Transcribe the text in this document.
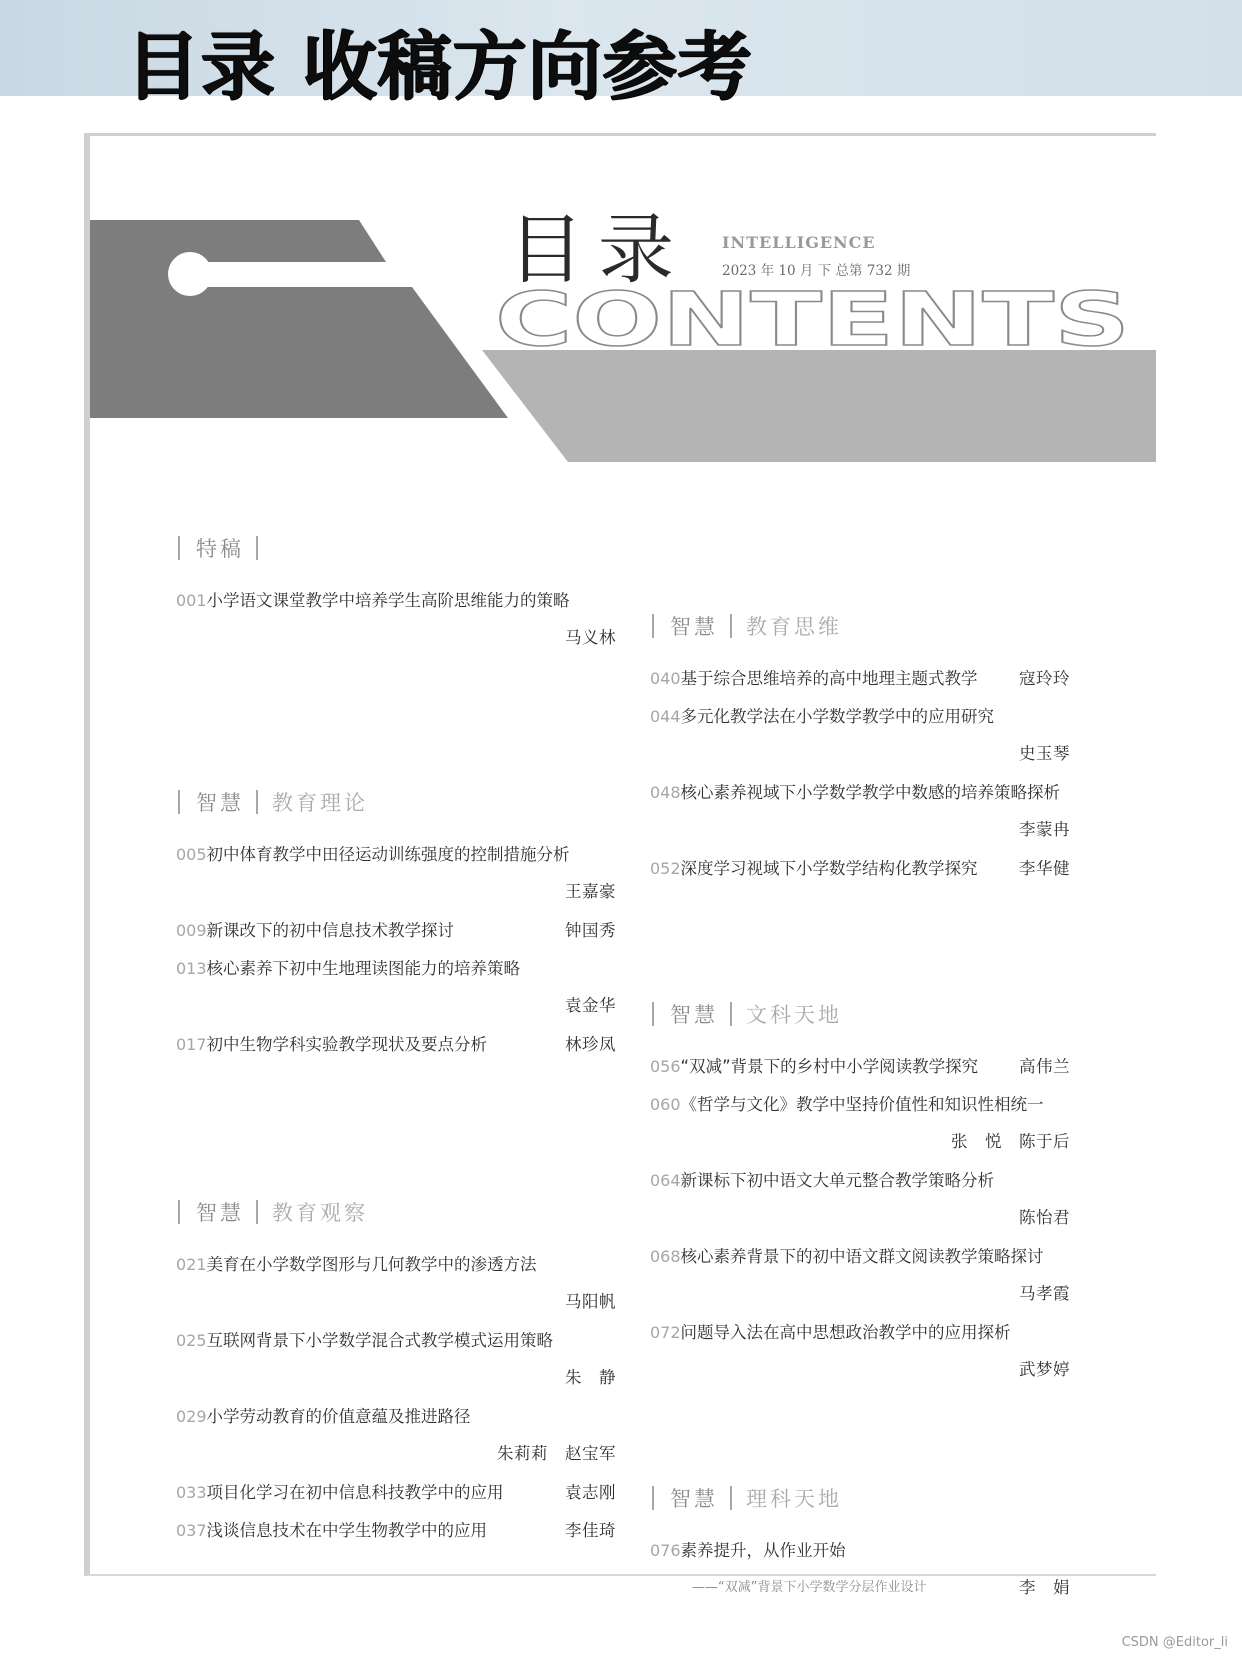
目录 收稿方向参考
CONTENTS
目录 INTELLIGENCE
2023 年 10 月 下 总第 732 期
特稿
001 小学语文课堂教学中培养学生高阶思维能力的策略
马义林
智慧 教育理论
005 初中体育教学中田径运动训练强度的控制措施分析
王嘉豪
009 新课改下的初中信息技术教学探讨	钟国秀
013 核心素养下初中生地理读图能力的培养策略
袁金华
017 初中生物学科实验教学现状及要点分析	林珍凤
智慧 教育观察
021 美育在小学数学图形与几何教学中的渗透方法
马阳帆
025 互联网背景下小学数学混合式教学模式运用策略
朱　静
029 小学劳动教育的价值意蕴及推进路径
朱莉莉　赵宝军
033 项目化学习在初中信息科技教学中的应用	袁志刚
037 浅谈信息技术在中学生物教学中的应用	李佳琦
智慧 教育思维
040 基于综合思维培养的高中地理主题式教学	寇玲玲
044 多元化教学法在小学数学教学中的应用研究
史玉琴
048 核心素养视域下小学数学教学中数感的培养策略探析
李蒙冉
052 深度学习视域下小学数学结构化教学探究	李华健
智慧 文科天地
056 “双减”背景下的乡村中小学阅读教学探究 高伟兰
060 《哲学与文化》教学中坚持价值性和知识性相统一
张　悦　陈于后
064 新课标下初中语文大单元整合教学策略分析
陈怡君
068 核心素养背景下的初中语文群文阅读教学策略探讨
马孝霞
072 问题导入法在高中思想政治教学中的应用探析
武梦婷
智慧 理科天地
076 素养提升，从作业开始
——“双减”背景下小学数学分层作业设计	李　娟
CSDN @Editor_li
